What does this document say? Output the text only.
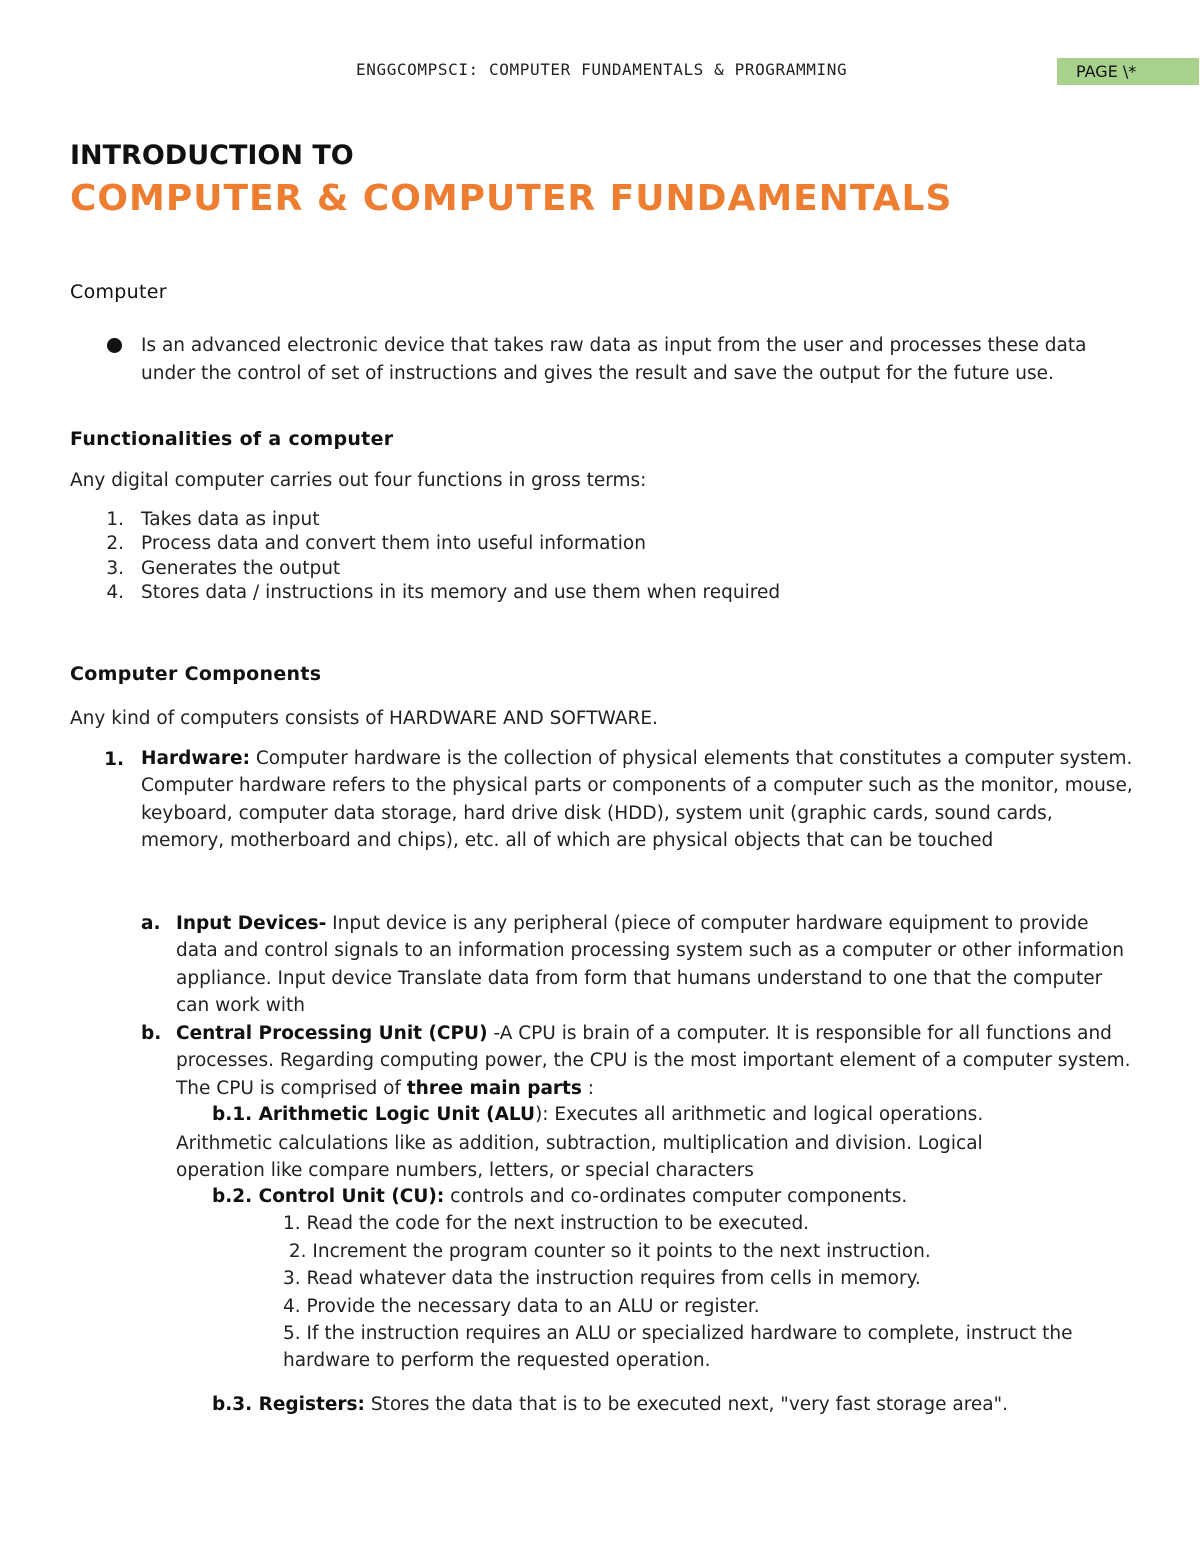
ENGGCOMPSCI: COMPUTER FUNDAMENTALS & PROGRAMMING	PAGE \*
INTRODUCTION TO
COMPUTER & COMPUTER FUNDAMENTALS
Computer
Is an advanced electronic device that takes raw data as input from the user and processes these data under the control of set of instructions and gives the result and save the output for the future use.
Functionalities of a computer
Any digital computer carries out four functions in gross terms:
1. Takes data as input
2. Process data and convert them into useful information
3. Generates the output
4. Stores data / instructions in its memory and use them when required
Computer Components
Any kind of computers consists of HARDWARE AND SOFTWARE.
1. Hardware: Computer hardware is the collection of physical elements that constitutes a computer system. Computer hardware refers to the physical parts or components of a computer such as the monitor, mouse, keyboard, computer data storage, hard drive disk (HDD), system unit (graphic cards, sound cards, memory, motherboard and chips), etc. all of which are physical objects that can be touched
a. Input Devices- Input device is any peripheral (piece of computer hardware equipment to provide data and control signals to an information processing system such as a computer or other information appliance. Input device Translate data from form that humans understand to one that the computer can work with
b. Central Processing Unit (CPU) -A CPU is brain of a computer. It is responsible for all functions and processes. Regarding computing power, the CPU is the most important element of a computer system. The CPU is comprised of three main parts :
b.1. Arithmetic Logic Unit (ALU): Executes all arithmetic and logical operations.
Arithmetic calculations like as addition, subtraction, multiplication and division. Logical operation like compare numbers, letters, or special characters
b.2. Control Unit (CU): controls and co-ordinates computer components.
1. Read the code for the next instruction to be executed.
2. Increment the program counter so it points to the next instruction.
3. Read whatever data the instruction requires from cells in memory.
4. Provide the necessary data to an ALU or register.
5. If the instruction requires an ALU or specialized hardware to complete, instruct the
hardware to perform the requested operation.
b.3. Registers: Stores the data that is to be executed next, "very fast storage area".
